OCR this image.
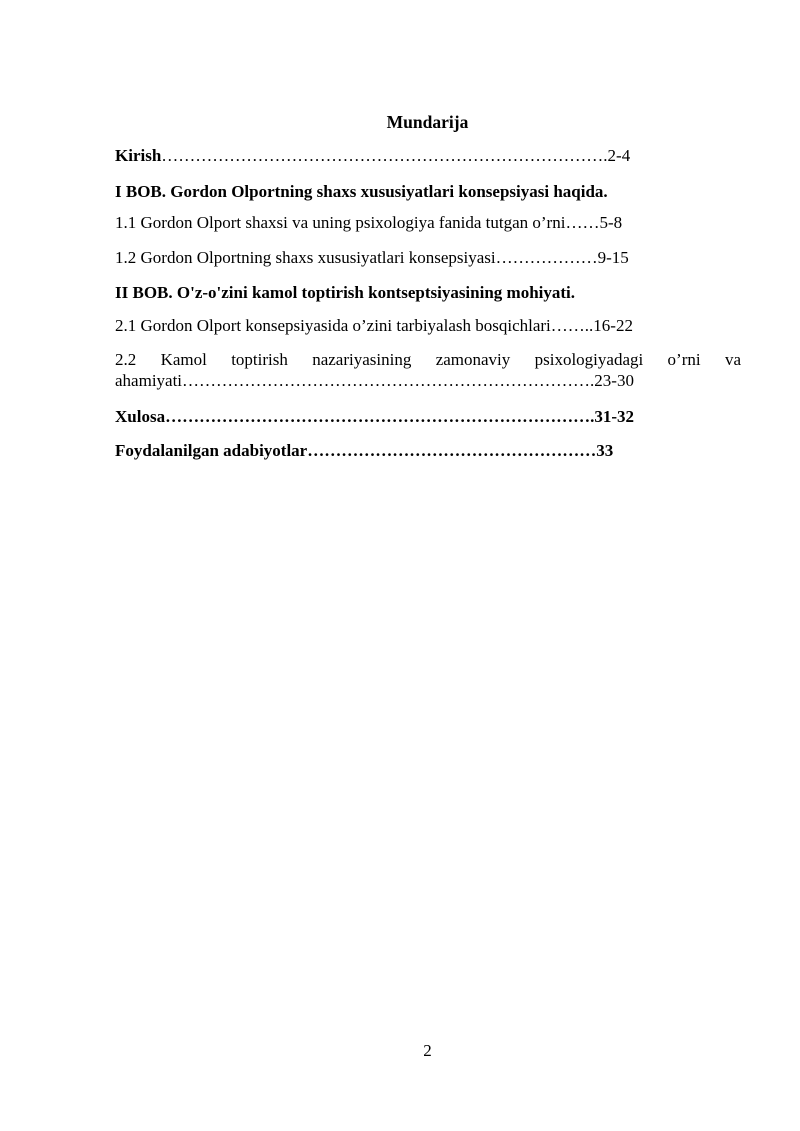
Mundarija
Kirish…………………………………………………………………….2-4
I BOB. Gordon Olportning shaxs xususiyatlari konsepsiyasi haqida.
1.1 Gordon Olport shaxsi va uning psixologiya fanida tutgan o’rni……5-8
1.2 Gordon Olportning shaxs xususiyatlari konsepsiyasi………………9-15
II BOB. O'z-o'zini kamol toptirish kontseptsiyasining mohiyati.
2.1 Gordon Olport konsepsiyasida o’zini tarbiyalash bosqichlari……..16-22
2.2 Kamol toptirish nazariyasining zamonaviy psixologiyadagi o’rni va
ahamiyati……………………………………………………………….23-30
Xulosa………………………………………………………………….31-32
Foydalanilgan adabiyotlar……………………………………………33
2
